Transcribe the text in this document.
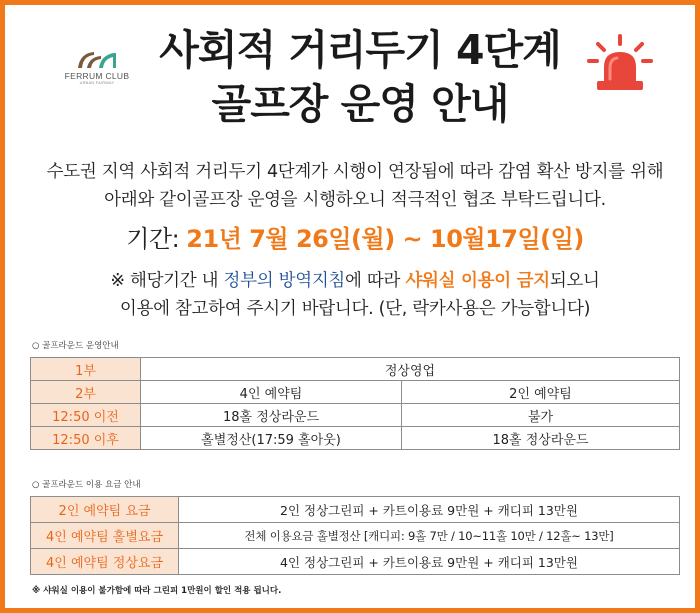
FERRUM CLUB
URBAN FAIRWAY
사회적 거리두기 4단계
골프장 운영 안내
수도권 지역 사회적 거리두기 4단계가 시행이 연장됨에 따라 감염 확산 방지를 위해
아래와 같이골프장 운영을 시행하오니 적극적인 협조 부탁드립니다.
기간: 21년 7월 26일(월) ~ 10월17일(일)
※ 해당기간 내 정부의 방역지침에 따라 샤워실 이용이 금지되오니
이용에 참고하여 주시기 바랍니다. (단, 락카사용은 가능합니다)
○ 골프라운드 운영안내
1부	정상영업	
2부	4인 예약팀	2인 예약팀
12:50 이전	18홀 정상라운드	불가
12:50 이후	홀별정산(17:59 홀아웃)	18홀 정상라운드
○ 골프라운드 이용 요금 안내
2인 예약팀 요금	2인 정상그린피 + 카트이용료 9만원 + 캐디피 13만원
4인 예약팀 홀별요금	전체 이용요금 홀별정산 [캐디피: 9홀 7만 / 10~11홀 10만 / 12홀~ 13만]
4인 예약팀 정상요금	4인 정상그린피 + 카트이용료 9만원 + 캐디피 13만원
※ 샤워실 이용이 불가함에 따라 그린피 1만원이 할인 적용 됩니다.
